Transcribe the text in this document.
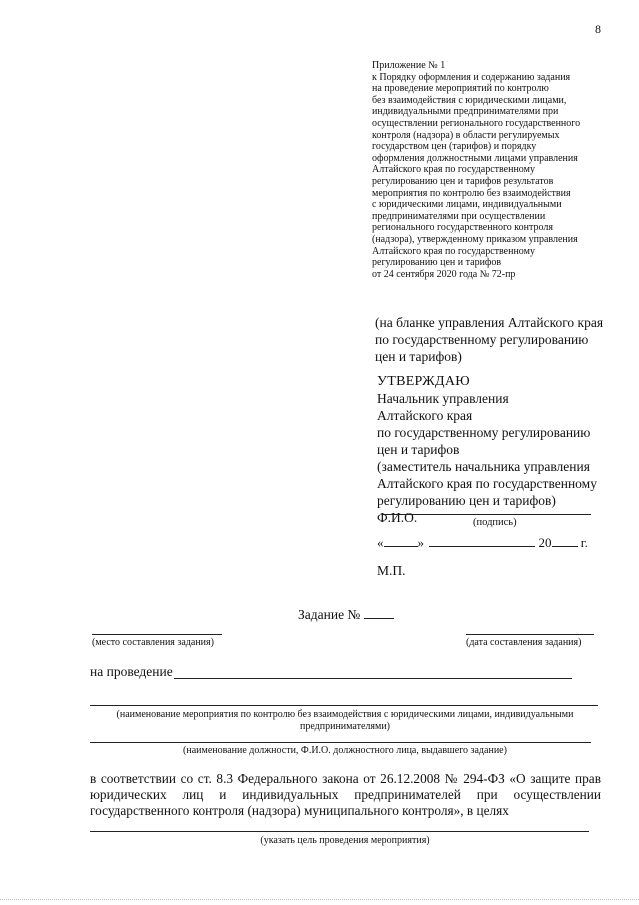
8
Приложение № 1
к Порядку оформления и содержанию задания
на проведение мероприятий по контролю
без взаимодействия с юридическими лицами,
индивидуальными предпринимателями при
осуществлении регионального государственного
контроля (надзора) в области регулируемых
государством цен (тарифов) и порядку
оформления должностными лицами управления
Алтайского края по государственному
регулированию цен и тарифов результатов
мероприятия по контролю без взаимодействия
с юридическими лицами, индивидуальными
предпринимателями при осуществлении
регионального государственного контроля
(надзора), утвержденному приказом управления
Алтайского края по государственному
регулированию цен и тарифов
от 24 сентября 2020 года № 72-пр
(на бланке управления Алтайского края
по государственному регулированию
цен и тарифов)
УТВЕРЖДАЮ
Начальник управления
Алтайского края
по государственному регулированию
цен и тарифов
(заместитель начальника управления
Алтайского края по государственному
регулированию цен и тарифов)
Ф.И.О.	(подпись)
«	»	20 г.
М.П.
Задание №
(место составления задания)	(дата составления задания)
на проведение
(наименование мероприятия по контролю без взаимодействия с юридическими лицами, индивидуальными предпринимателями)
(наименование должности, Ф.И.О. должностного лица, выдавшего задание)
в соответствии со ст. 8.3 Федерального закона от 26.12.2008 № 294-ФЗ «О защите прав юридических лиц и индивидуальных предпринимателей при осуществлении государственного контроля (надзора) муниципального контроля», в целях
(указать цель проведения мероприятия)
